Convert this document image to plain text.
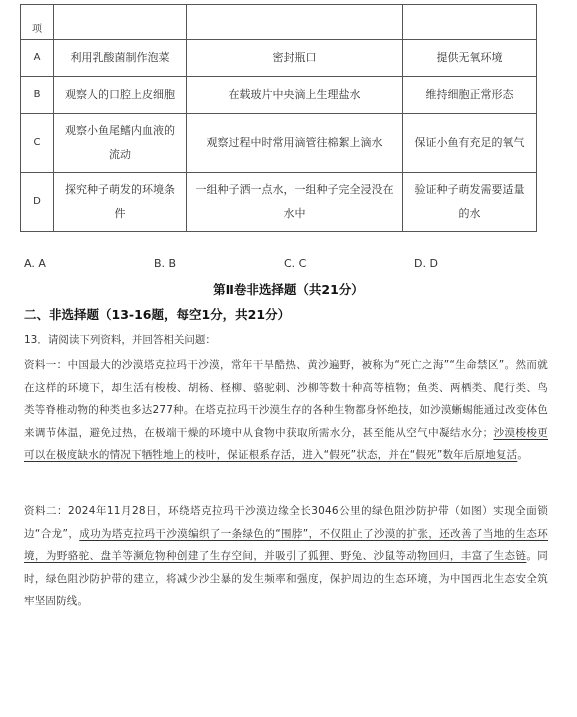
项			
A	利用乳酸菌制作泡菜	密封瓶口	提供无氧环境
B	观察人的口腔上皮细胞	在载玻片中央滴上生理盐水	维持细胞正常形态
C	观察小鱼尾鳍内血液的流动	观察过程中时常用滴管往棉絮上滴水	保证小鱼有充足的氧气
D	探究种子萌发的环境条件	一组种子洒一点水，一组种子完全浸没在水中	验证种子萌发需要适量的水
A. A	B. B	C. C	D. D
第Ⅱ卷非选择题（共21分）
二、非选择题（13-16题，每空1分，共21分）
13．请阅读下列资料，并回答相关问题：
资料一：中国最大的沙漠塔克拉玛干沙漠，常年干旱酷热、黄沙遍野，被称为“死亡之海”“生命禁区”。然而就在这样的环境下，却生活有梭梭、胡杨、柽柳、骆驼刺、沙柳等数十种高等植物；鱼类、两栖类、爬行类、鸟类等脊椎动物的种类也多达277种。在塔克拉玛干沙漠生存的各种生物都身怀绝技，如沙漠蜥蜴能通过改变体色来调节体温，避免过热，在极端干燥的环境中从食物中获取所需水分，甚至能从空气中凝结水分；沙漠梭梭更可以在极度缺水的情况下牺牲地上的枝叶，保证根系存活，进入“假死”状态，并在“假死”数年后原地复活。
资料二：2024年11月28日，环绕塔克拉玛干沙漠边缘全长3046公里的绿色阻沙防护带（如图）实现全面锁边“合龙”，成功为塔克拉玛干沙漠编织了一条绿色的“围脖”，不仅阻止了沙漠的扩张，还改善了当地的生态环境，为野骆驼、盘羊等濒危物种创建了生存空间，并吸引了狐狸、野兔、沙鼠等动物回归，丰富了生态链。同时，绿色阻沙防护带的建立，将减少沙尘暴的发生频率和强度，保护周边的生态环境，为中国西北生态安全筑牢坚固防线。
